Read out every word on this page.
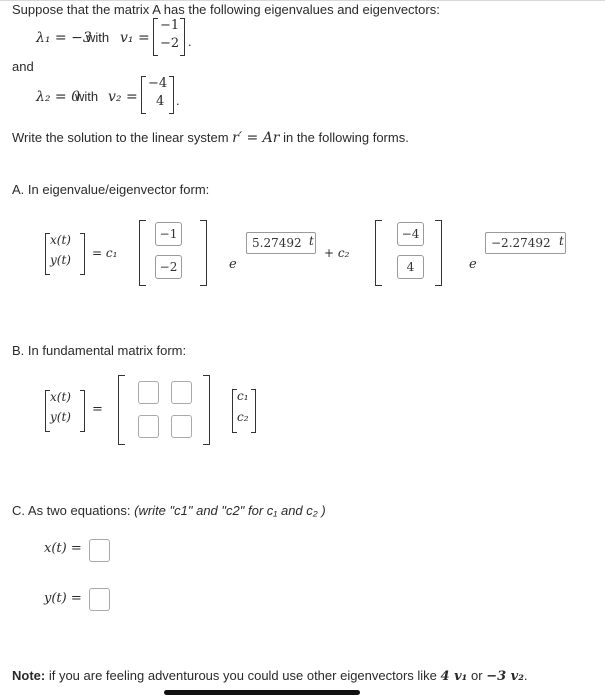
Suppose that the matrix A has the following eigenvalues and eigenvectors:
λ₁ = −3
with v₁ =
−1
−2 .
and
λ₂ = 0
with v₂ =
−4
4 .
Write the solution to the linear system r′ = Ar in the following forms.
A. In eigenvalue/eigenvector form:
x(t)
y(t) = c₁
−1
−2	e
5.27492 t
+ c₂
−4
4	e
−2.27492 t
B. In fundamental matrix form:
x(t)
y(t) =
c₁
c₂
C. As two equations: (write "c1" and "c2" for c₁ and c₂ )
x(t) =
y(t) =
Note: if you are feeling adventurous you could use other eigenvectors like 4 v₁ or −3 v₂.
